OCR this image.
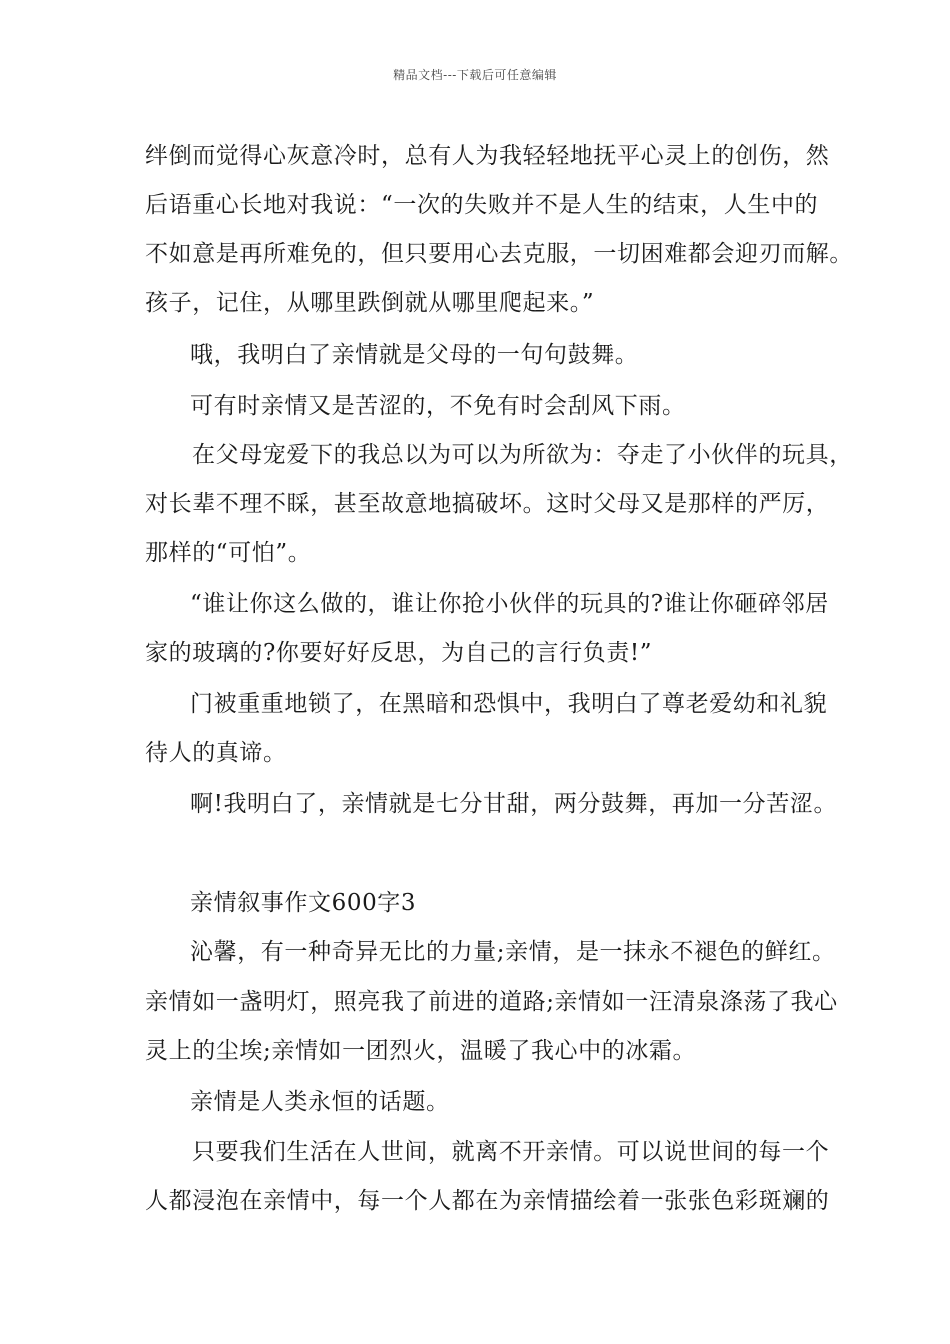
精品文档---下载后可任意编辑
绊倒而觉得心灰意冷时，总有人为我轻轻地抚平心灵上的创伤，然
后语重心长地对我说：“一次的失败并不是人生的结束，人生中的
不如意是再所难免的，但只要用心去克服，一切困难都会迎刃而解。
孩子，记住，从哪里跌倒就从哪里爬起来。”
哦，我明白了亲情就是父母的一句句鼓舞。
可有时亲情又是苦涩的，不免有时会刮风下雨。
在父母宠爱下的我总以为可以为所欲为：夺走了小伙伴的玩具，
对长辈不理不睬，甚至故意地搞破坏。这时父母又是那样的严厉，
那样的“可怕”。
“谁让你这么做的，谁让你抢小伙伴的玩具的?谁让你砸碎邻居
家的玻璃的?你要好好反思，为自己的言行负责!”
门被重重地锁了，在黑暗和恐惧中，我明白了尊老爱幼和礼貌
待人的真谛。
啊!我明白了，亲情就是七分甘甜，两分鼓舞，再加一分苦涩。
亲情叙事作文600字3
沁馨，有一种奇异无比的力量;亲情，是一抹永不褪色的鲜红。
亲情如一盏明灯，照亮我了前进的道路;亲情如一汪清泉涤荡了我心
灵上的尘埃;亲情如一团烈火，温暖了我心中的冰霜。
亲情是人类永恒的话题。
只要我们生活在人世间，就离不开亲情。可以说世间的每一个
人都浸泡在亲情中，每一个人都在为亲情描绘着一张张色彩斑斓的
